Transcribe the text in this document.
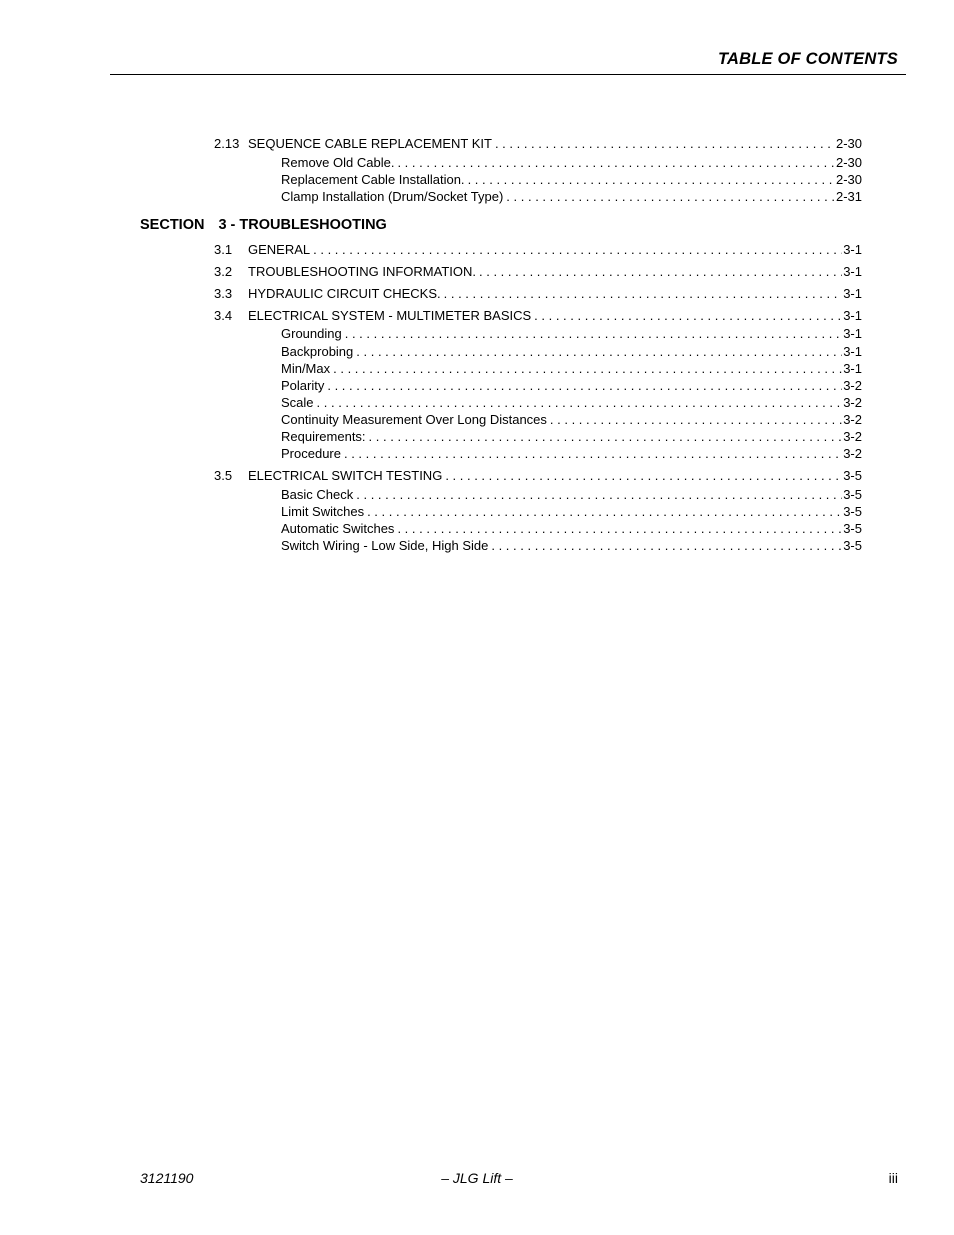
TABLE OF CONTENTS
2.13 SEQUENCE CABLE REPLACEMENT KIT . . .	2-30
Remove Old Cable. . . .	2-30
Replacement Cable Installation. . . .	2-30
Clamp Installation (Drum/Socket Type) . . .	2-31
SECTION 3 - TROUBLESHOOTING
3.1	GENERAL . . .	3-1
3.2	TROUBLESHOOTING INFORMATION. . . .	3-1
3.3	HYDRAULIC CIRCUIT CHECKS. . . .	3-1
3.4	ELECTRICAL SYSTEM - MULTIMETER BASICS . . .	3-1
Grounding . . .	3-1
Backprobing . . .	3-1
Min/Max . . .	3-1
Polarity . . .	3-2
Scale . . .	3-2
Continuity Measurement Over Long Distances . . .	3-2
Requirements: . . .	3-2
Procedure . . .	3-2
3.5	ELECTRICAL SWITCH TESTING . . .	3-5
Basic Check . . .	3-5
Limit Switches . . .	3-5
Automatic Switches . . .	3-5
Switch Wiring - Low Side, High Side . . .	3-5
3121190	– JLG Lift –	iii
